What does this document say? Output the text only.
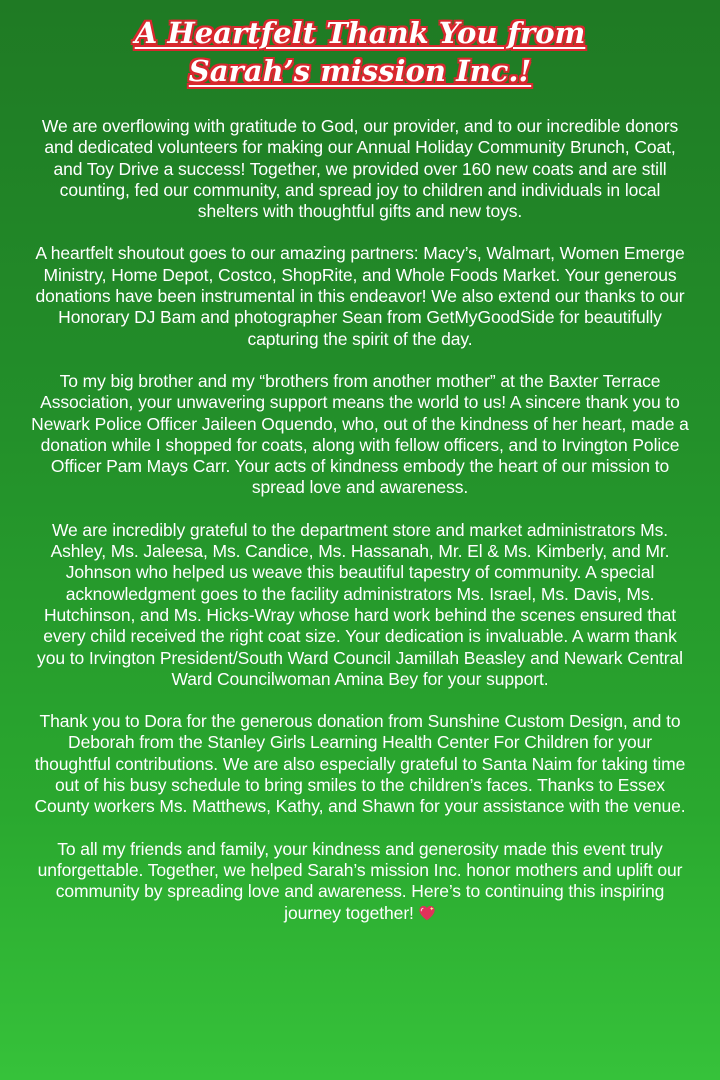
A Heartfelt Thank You from
Sarah’s mission Inc.!

We are overflowing with gratitude to God, our provider, and to our incredible donors and dedicated volunteers for making our Annual Holiday Community Brunch, Coat, and Toy Drive a success! Together, we provided over 160 new coats and are still counting, fed our community, and spread joy to children and individuals in local shelters with thoughtful gifts and new toys.

A heartfelt shoutout goes to our amazing partners: Macy’s, Walmart, Women Emerge Ministry, Home Depot, Costco, ShopRite, and Whole Foods Market. Your generous donations have been instrumental in this endeavor! We also extend our thanks to our Honorary DJ Bam and photographer Sean from GetMyGoodSide for beautifully capturing the spirit of the day.

To my big brother and my “brothers from another mother” at the Baxter Terrace Association, your unwavering support means the world to us! A sincere thank you to Newark Police Officer Jaileen Oquendo, who, out of the kindness of her heart, made a donation while I shopped for coats, along with fellow officers, and to Irvington Police Officer Pam Mays Carr. Your acts of kindness embody the heart of our mission to spread love and awareness.

We are incredibly grateful to the department store and market administrators Ms. Ashley, Ms. Jaleesa, Ms. Candice, Ms. Hassanah, Mr. El & Ms. Kimberly, and Mr. Johnson who helped us weave this beautiful tapestry of community. A special acknowledgment goes to the facility administrators Ms. Israel, Ms. Davis, Ms. Hutchinson, and Ms. Hicks-Wray whose hard work behind the scenes ensured that every child received the right coat size. Your dedication is invaluable. A warm thank you to Irvington President/South Ward Council Jamillah Beasley and Newark Central Ward Councilwoman Amina Bey for your support.

Thank you to Dora for the generous donation from Sunshine Custom Design, and to Deborah from the Stanley Girls Learning Health Center For Children for your thoughtful contributions. We are also especially grateful to Santa Naim for taking time out of his busy schedule to bring smiles to the children’s faces. Thanks to Essex County workers Ms. Matthews, Kathy, and Shawn for your assistance with the venue.

To all my friends and family, your kindness and generosity made this event truly unforgettable. Together, we helped Sarah’s mission Inc. honor mothers and uplift our community by spreading love and awareness. Here’s to continuing this inspiring journey together!
